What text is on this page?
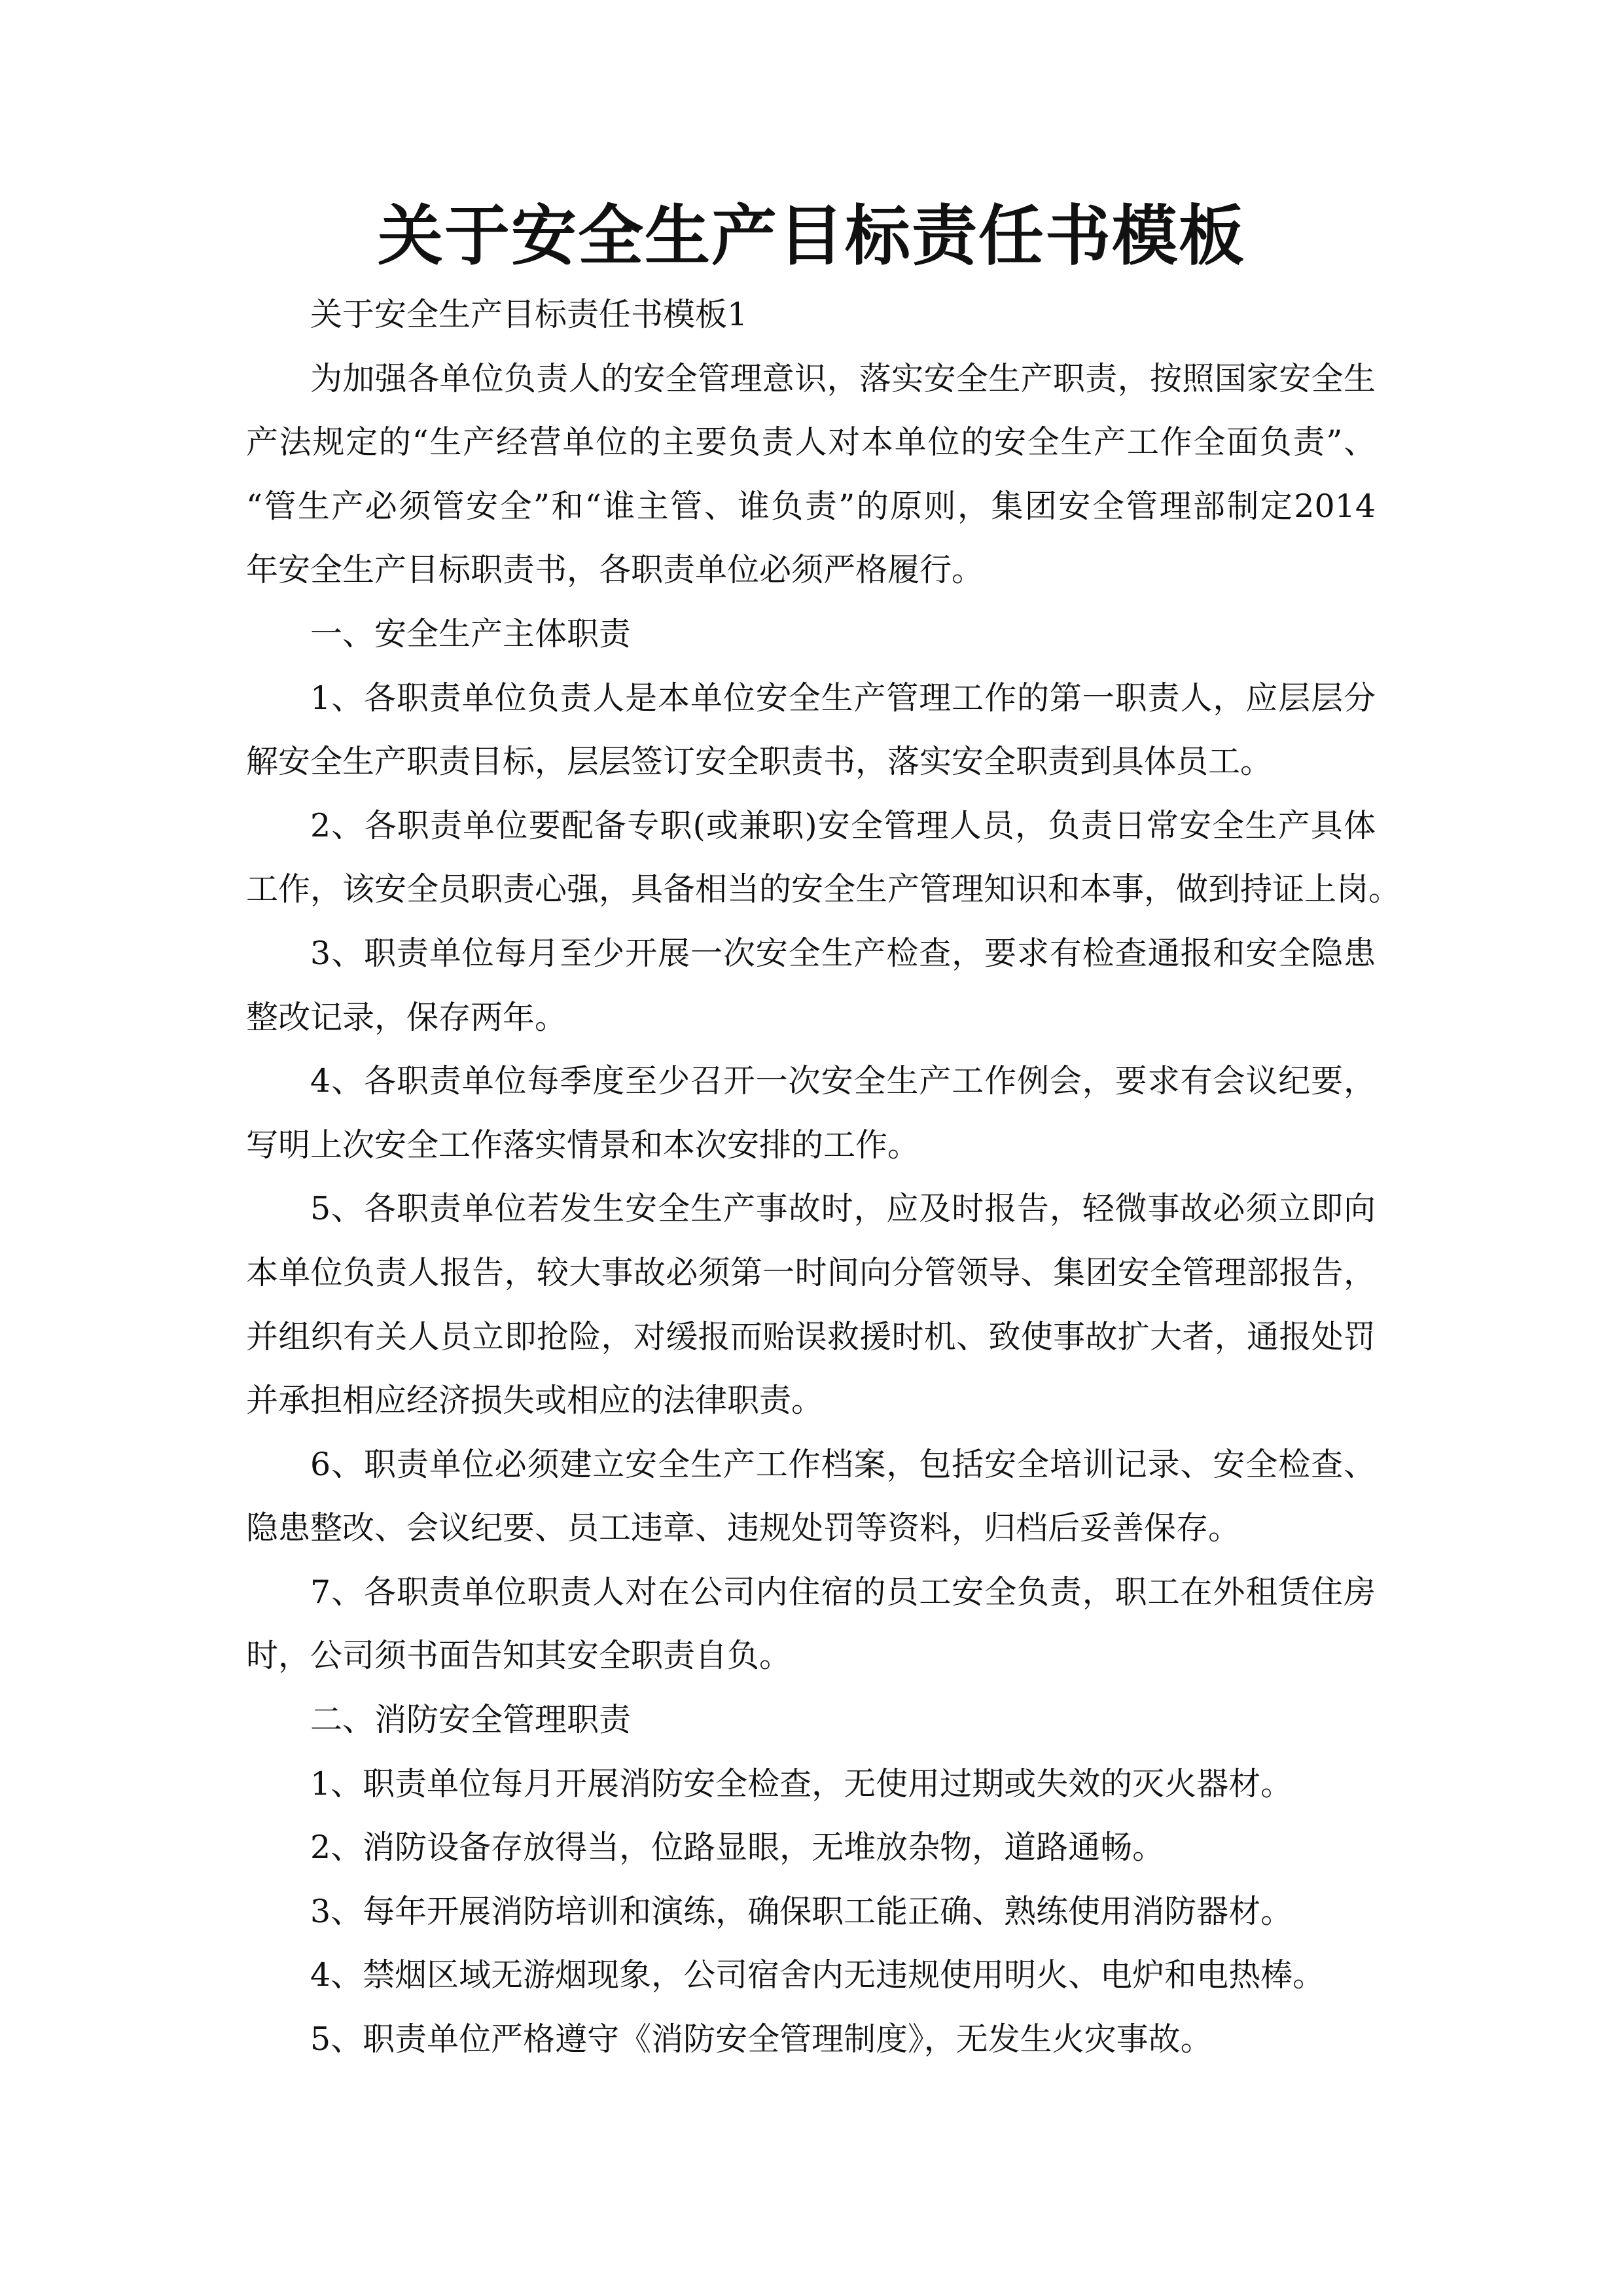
关于安全生产目标责任书模板
关于安全生产目标责任书模板1
为加强各单位负责人的安全管理意识，落实安全生产职责，按照国家安全生
产法规定的“生产经营单位的主要负责人对本单位的安全生产工作全面负责”、
“管生产必须管安全”和“谁主管、谁负责”的原则，集团安全管理部制定2014
年安全生产目标职责书，各职责单位必须严格履行。
一、安全生产主体职责
1、各职责单位负责人是本单位安全生产管理工作的第一职责人，应层层分
解安全生产职责目标，层层签订安全职责书，落实安全职责到具体员工。
2、各职责单位要配备专职(或兼职)安全管理人员，负责日常安全生产具体
工作，该安全员职责心强，具备相当的安全生产管理知识和本事，做到持证上岗。
3、职责单位每月至少开展一次安全生产检查，要求有检查通报和安全隐患
整改记录，保存两年。
4、各职责单位每季度至少召开一次安全生产工作例会，要求有会议纪要，
写明上次安全工作落实情景和本次安排的工作。
5、各职责单位若发生安全生产事故时，应及时报告，轻微事故必须立即向
本单位负责人报告，较大事故必须第一时间向分管领导、集团安全管理部报告，
并组织有关人员立即抢险，对缓报而贻误救援时机、致使事故扩大者，通报处罚
并承担相应经济损失或相应的法律职责。
6、职责单位必须建立安全生产工作档案，包括安全培训记录、安全检查、
隐患整改、会议纪要、员工违章、违规处罚等资料，归档后妥善保存。
7、各职责单位职责人对在公司内住宿的员工安全负责，职工在外租赁住房
时，公司须书面告知其安全职责自负。
二、消防安全管理职责
1、职责单位每月开展消防安全检查，无使用过期或失效的灭火器材。
2、消防设备存放得当，位路显眼，无堆放杂物，道路通畅。
3、每年开展消防培训和演练，确保职工能正确、熟练使用消防器材。
4、禁烟区域无游烟现象，公司宿舍内无违规使用明火、电炉和电热棒。
5、职责单位严格遵守《消防安全管理制度》，无发生火灾事故。
